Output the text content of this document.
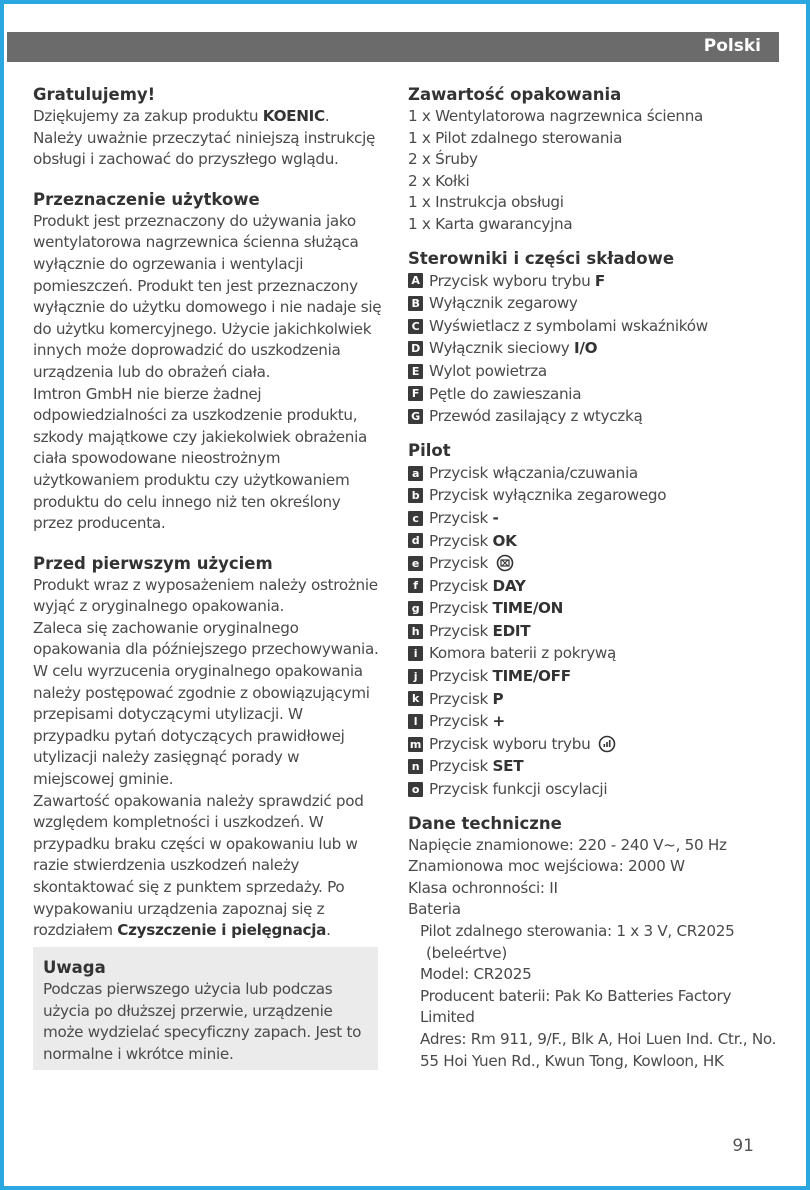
Polski

Gratulujemy!

Dziękujemy za zakup produktu KOENIC. Należy uważnie przeczytać niniejszą instrukcję obsługi i zachować do przyszłego wglądu.

Przeznaczenie użytkowe

Produkt jest przeznaczony do używania jako wentylatorowa nagrzewnica ścienna służąca wyłącznie do ogrzewania i wentylacji pomieszczeń. Produkt ten jest przeznaczony wyłącznie do użytku domowego i nie nadaje się do użytku komercyjnego. Użycie jakichkolwiek innych może doprowadzić do uszkodzenia urządzenia lub do obrażeń ciała.

Imtron GmbH nie bierze żadnej odpowiedzialności za uszkodzenie produktu, szkody majątkowe czy jakiekolwiek obrażenia ciała spowodowane nieostrożnym użytkowaniem produktu czy użytkowaniem produktu do celu innego niż ten określony przez producenta.

Przed pierwszym użyciem

Produkt wraz z wyposażeniem należy ostrożnie wyjąć z oryginalnego opakowania.

Zaleca się zachowanie oryginalnego opakowania dla późniejszego przechowywania. W celu wyrzucenia oryginalnego opakowania należy postępować zgodnie z obowiązującymi przepisami dotyczącymi utylizacji. W przypadku pytań dotyczących prawidłowej utylizacji należy zasięgnąć porady w miejscowej gminie.

Zawartość opakowania należy sprawdzić pod względem kompletności i uszkodzeń. W przypadku braku części w opakowaniu lub w razie stwierdzenia uszkodzeń należy skontaktować się z punktem sprzedaży. Po wypakowaniu urządzenia zapoznaj się z rozdziałem Czyszczenie i pielęgnacja.

Uwaga

Podczas pierwszego użycia lub podczas użycia po dłuższej przerwie, urządzenie może wydzielać specyficzny zapach. Jest to normalne i wkrótce minie.

Zawartość opakowania

1 x Wentylatorowa nagrzewnica ścienna

1 x Pilot zdalnego sterowania

2 x Śruby

2 x Kołki

1 x Instrukcja obsługi

1 x Karta gwarancyjna

Sterowniki i części składowe

A Przycisk wyboru trybu F
B Wyłącznik zegarowy
C Wyświetlacz z symbolami wskaźników
D Wyłącznik sieciowy I/O
E Wylot powietrza
F Pętle do zawieszania
G Przewód zasilający z wtyczką

Pilot

a Przycisk włączania/czuwania
b Przycisk wyłącznika zegarowego
c Przycisk -
d Przycisk OK
e Przycisk
f Przycisk DAY
g Przycisk TIME/ON
h Przycisk EDIT
i Komora baterii z pokrywą
j Przycisk TIME/OFF
k Przycisk P
l Przycisk +
m Przycisk wyboru trybu
n Przycisk SET
o Przycisk funkcji oscylacji

Dane techniczne

Napięcie znamionowe: 220 - 240 V~, 50 Hz

Znamionowa moc wejściowa: 2000 W

Klasa ochronności: II

Bateria

Pilot zdalnego sterowania: 1 x 3 V, CR2025

(beleértve)

Model: CR2025

Producent baterii: Pak Ko Batteries Factory Limited

Adres: Rm 911, 9/F., Blk A, Hoi Luen Ind. Ctr., No. 55 Hoi Yuen Rd., Kwun Tong, Kowloon, HK

91
